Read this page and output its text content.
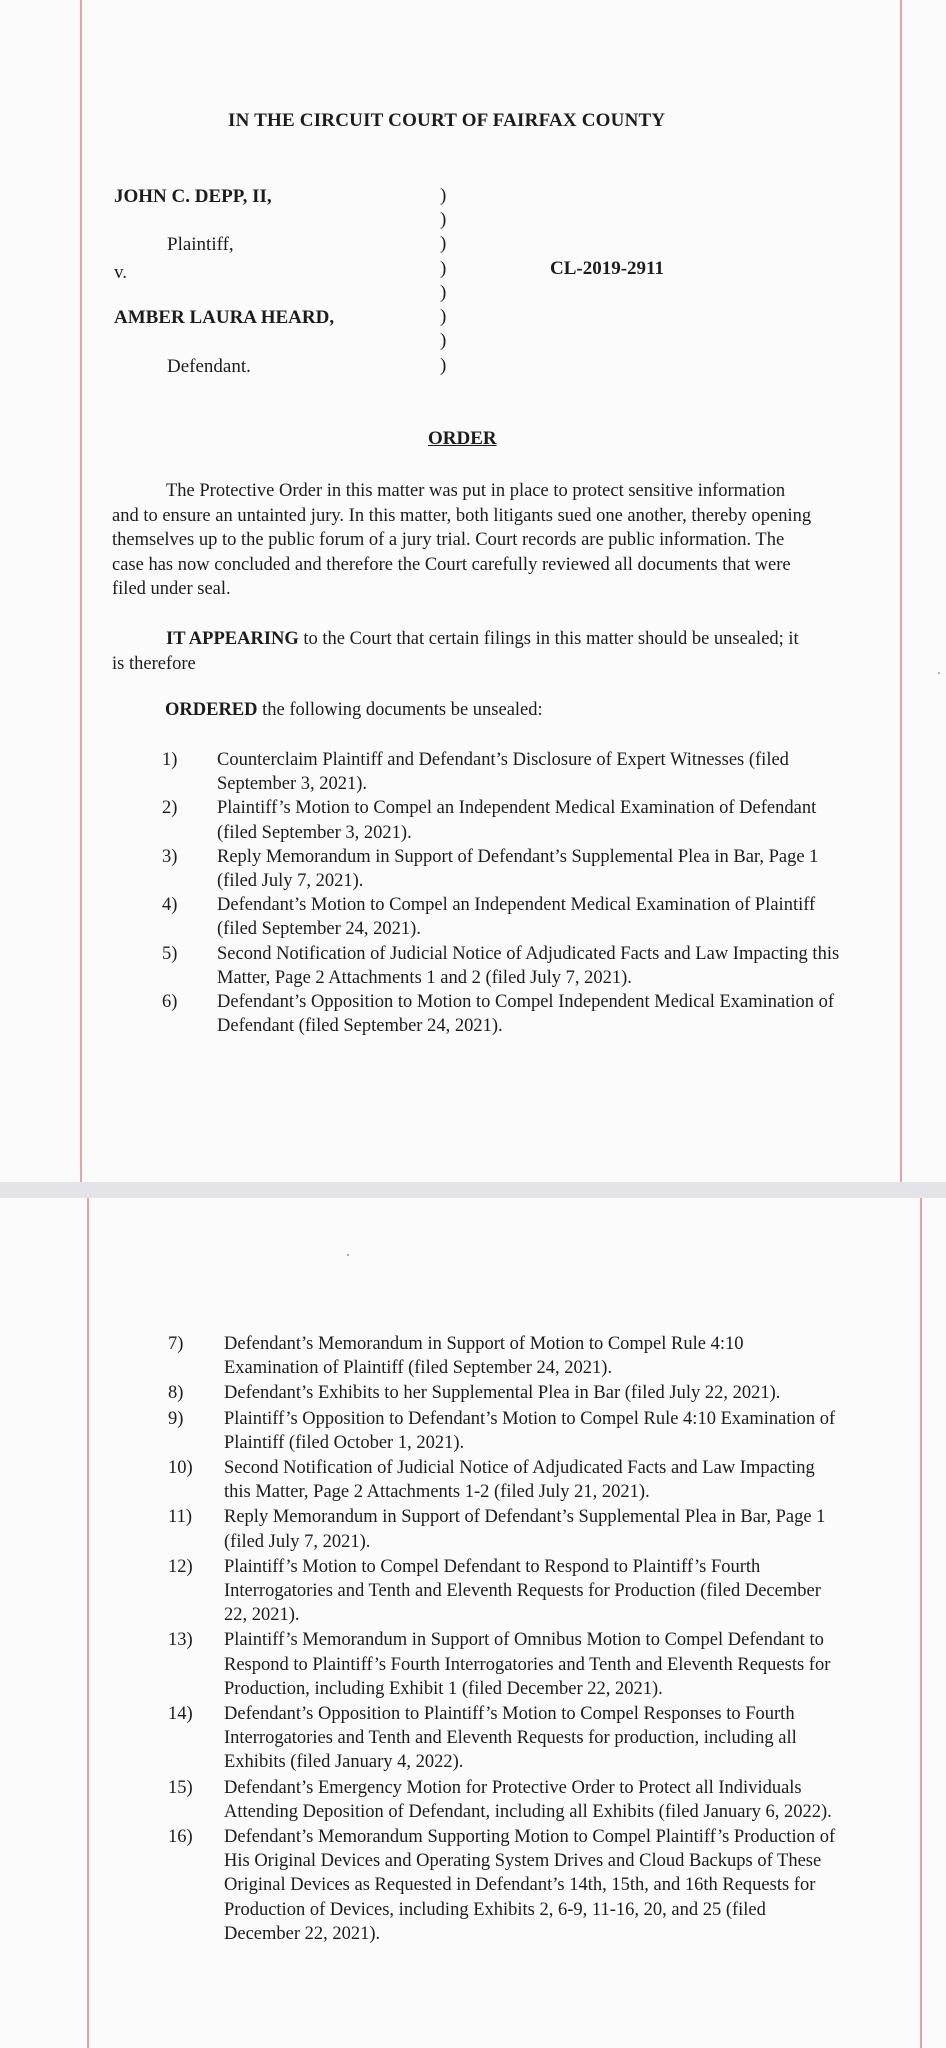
IN THE CIRCUIT COURT OF FAIRFAX COUNTY
JOHN C. DEPP, II,
Plaintiff,
v.
AMBER LAURA HEARD,
Defendant.
)
)
)
)
)
)
)
)
CL-2019-2911
ORDER
The Protective Order in this matter was put in place to protect sensitive information and to ensure an untainted jury. In this matter, both litigants sued one another, thereby opening themselves up to the public forum of a jury trial. Court records are public information. The case has now concluded and therefore the Court carefully reviewed all documents that were filed under seal.
IT APPEARING to the Court that certain filings in this matter should be unsealed; it is therefore
ORDERED the following documents be unsealed:
1) Counterclaim Plaintiff and Defendant’s Disclosure of Expert Witnesses (filed September 3, 2021).
2) Plaintiff’s Motion to Compel an Independent Medical Examination of Defendant (filed September 3, 2021).
3) Reply Memorandum in Support of Defendant’s Supplemental Plea in Bar, Page 1 (filed July 7, 2021).
4) Defendant’s Motion to Compel an Independent Medical Examination of Plaintiff (filed September 24, 2021).
5) Second Notification of Judicial Notice of Adjudicated Facts and Law Impacting this Matter, Page 2 Attachments 1 and 2 (filed July 7, 2021).
6) Defendant’s Opposition to Motion to Compel Independent Medical Examination of Defendant (filed September 24, 2021).
7) Defendant’s Memorandum in Support of Motion to Compel Rule 4:10 Examination of Plaintiff (filed September 24, 2021).
8) Defendant’s Exhibits to her Supplemental Plea in Bar (filed July 22, 2021).
9) Plaintiff’s Opposition to Defendant’s Motion to Compel Rule 4:10 Examination of Plaintiff (filed October 1, 2021).
10) Second Notification of Judicial Notice of Adjudicated Facts and Law Impacting this Matter, Page 2 Attachments 1-2 (filed July 21, 2021).
11) Reply Memorandum in Support of Defendant’s Supplemental Plea in Bar, Page 1 (filed July 7, 2021).
12) Plaintiff’s Motion to Compel Defendant to Respond to Plaintiff’s Fourth Interrogatories and Tenth and Eleventh Requests for Production (filed December 22, 2021).
13) Plaintiff’s Memorandum in Support of Omnibus Motion to Compel Defendant to Respond to Plaintiff’s Fourth Interrogatories and Tenth and Eleventh Requests for Production, including Exhibit 1 (filed December 22, 2021).
14) Defendant’s Opposition to Plaintiff’s Motion to Compel Responses to Fourth Interrogatories and Tenth and Eleventh Requests for production, including all Exhibits (filed January 4, 2022).
15) Defendant’s Emergency Motion for Protective Order to Protect all Individuals Attending Deposition of Defendant, including all Exhibits (filed January 6, 2022).
16) Defendant’s Memorandum Supporting Motion to Compel Plaintiff’s Production of His Original Devices and Operating System Drives and Cloud Backups of These Original Devices as Requested in Defendant’s 14th, 15th, and 16th Requests for Production of Devices, including Exhibits 2, 6-9, 11-16, 20, and 25 (filed December 22, 2021).
